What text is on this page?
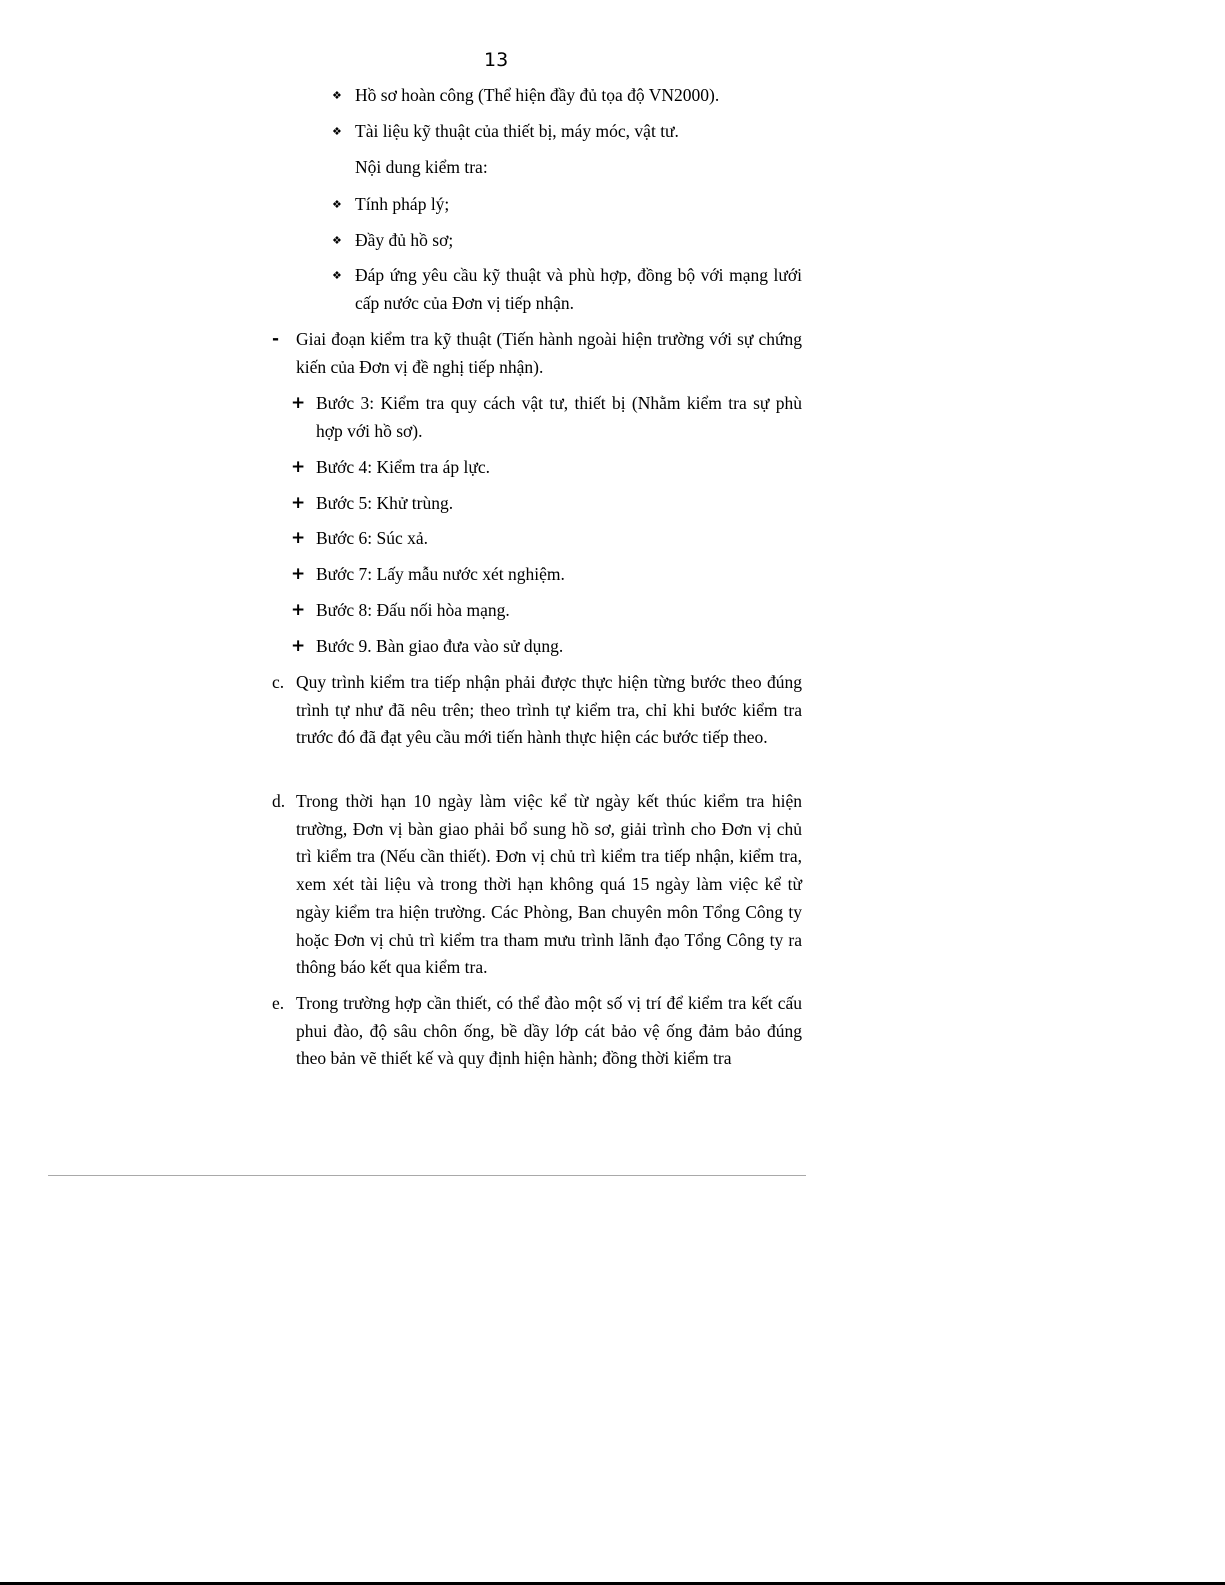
13
❖ Hồ sơ hoàn công (Thể hiện đầy đủ tọa độ VN2000).
❖ Tài liệu kỹ thuật của thiết bị, máy móc, vật tư.
Nội dung kiểm tra:
❖ Tính pháp lý;
❖ Đầy đủ hồ sơ;
❖ Đáp ứng yêu cầu kỹ thuật và phù hợp, đồng bộ với mạng lưới cấp nước của Đơn vị tiếp nhận.
- Giai đoạn kiểm tra kỹ thuật (Tiến hành ngoài hiện trường với sự chứng kiến của Đơn vị đề nghị tiếp nhận).
+ Bước 3: Kiểm tra quy cách vật tư, thiết bị (Nhằm kiểm tra sự phù hợp với hồ sơ).
+ Bước 4: Kiểm tra áp lực.
+ Bước 5: Khử trùng.
+ Bước 6: Súc xả.
+ Bước 7: Lấy mẫu nước xét nghiệm.
+ Bước 8: Đấu nối hòa mạng.
+ Bước 9. Bàn giao đưa vào sử dụng.
c. Quy trình kiểm tra tiếp nhận phải được thực hiện từng bước theo đúng trình tự như đã nêu trên; theo trình tự kiểm tra, chỉ khi bước kiểm tra trước đó đã đạt yêu cầu mới tiến hành thực hiện các bước tiếp theo.
d. Trong thời hạn 10 ngày làm việc kể từ ngày kết thúc kiểm tra hiện trường, Đơn vị bàn giao phải bổ sung hồ sơ, giải trình cho Đơn vị chủ trì kiểm tra (Nếu cần thiết). Đơn vị chủ trì kiểm tra tiếp nhận, kiểm tra, xem xét tài liệu và trong thời hạn không quá 15 ngày làm việc kể từ ngày kiểm tra hiện trường. Các Phòng, Ban chuyên môn Tổng Công ty hoặc Đơn vị chủ trì kiểm tra tham mưu trình lãnh đạo Tổng Công ty ra thông báo kết qua kiểm tra.
e. Trong trường hợp cần thiết, có thể đào một số vị trí để kiểm tra kết cấu phui đào, độ sâu chôn ống, bề dầy lớp cát bảo vệ ống đảm bảo đúng theo bản vẽ thiết kế và quy định hiện hành; đồng thời kiểm tra
